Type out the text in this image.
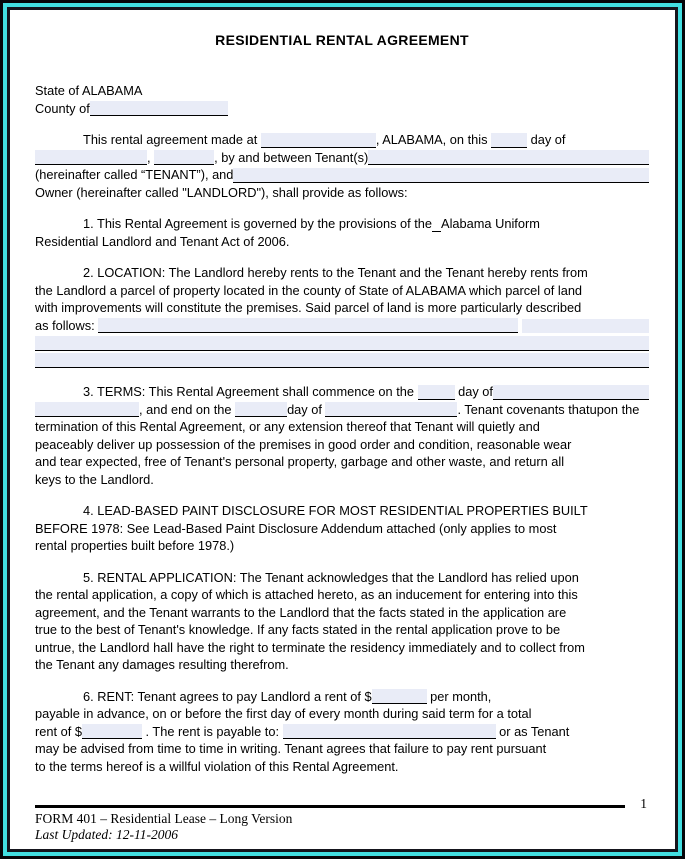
RESIDENTIAL RENTAL AGREEMENT
State of ALABAMA
County of
This rental agreement made at	, ALABAMA, on this	day of
,	, by and between Tenant(s)
(hereinafter called “TENANT”), and
Owner (hereinafter called "LANDLORD"), shall provide as follows:
1. This Rental Agreement is governed by the provisions of the Alabama Uniform
Residential Landlord and Tenant Act of 2006.
2. LOCATION: The Landlord hereby rents to the Tenant and the Tenant hereby rents from
the Landlord a parcel of property located in the county of State of ALABAMA which parcel of land
with improvements will constitute the premises. Said parcel of land is more particularly described
as follows:

3. TERMS: This Rental Agreement shall commence on the	day of
, and end on the	day of	. Tenant covenants thatupon the
termination of this Rental Agreement, or any extension thereof that Tenant will quietly and
peaceably deliver up possession of the premises in good order and condition, reasonable wear
and tear expected, free of Tenant's personal property, garbage and other waste, and return all
keys to the Landlord.
4. LEAD-BASED PAINT DISCLOSURE FOR MOST RESIDENTIAL PROPERTIES BUILT
BEFORE 1978: See Lead-Based Paint Disclosure Addendum attached (only applies to most
rental properties built before 1978.)
5. RENTAL APPLICATION: The Tenant acknowledges that the Landlord has relied upon
the rental application, a copy of which is attached hereto, as an inducement for entering into this
agreement, and the Tenant warrants to the Landlord that the facts stated in the application are
true to the best of Tenant's knowledge. If any facts stated in the rental application prove to be
untrue, the Landlord hall have the right to terminate the residency immediately and to collect from
the Tenant any damages resulting therefrom.
6. RENT: Tenant agrees to pay Landlord a rent of $	per month,
payable in advance, on or before the first day of every month during said term for a total
rent of $	. The rent is payable to:	or as Tenant
may be advised from time to time in writing. Tenant agrees that failure to pay rent pursuant
to the terms hereof is a willful violation of this Rental Agreement.
1
FORM 401 – Residential Lease – Long Version
Last Updated: 12-11-2006
